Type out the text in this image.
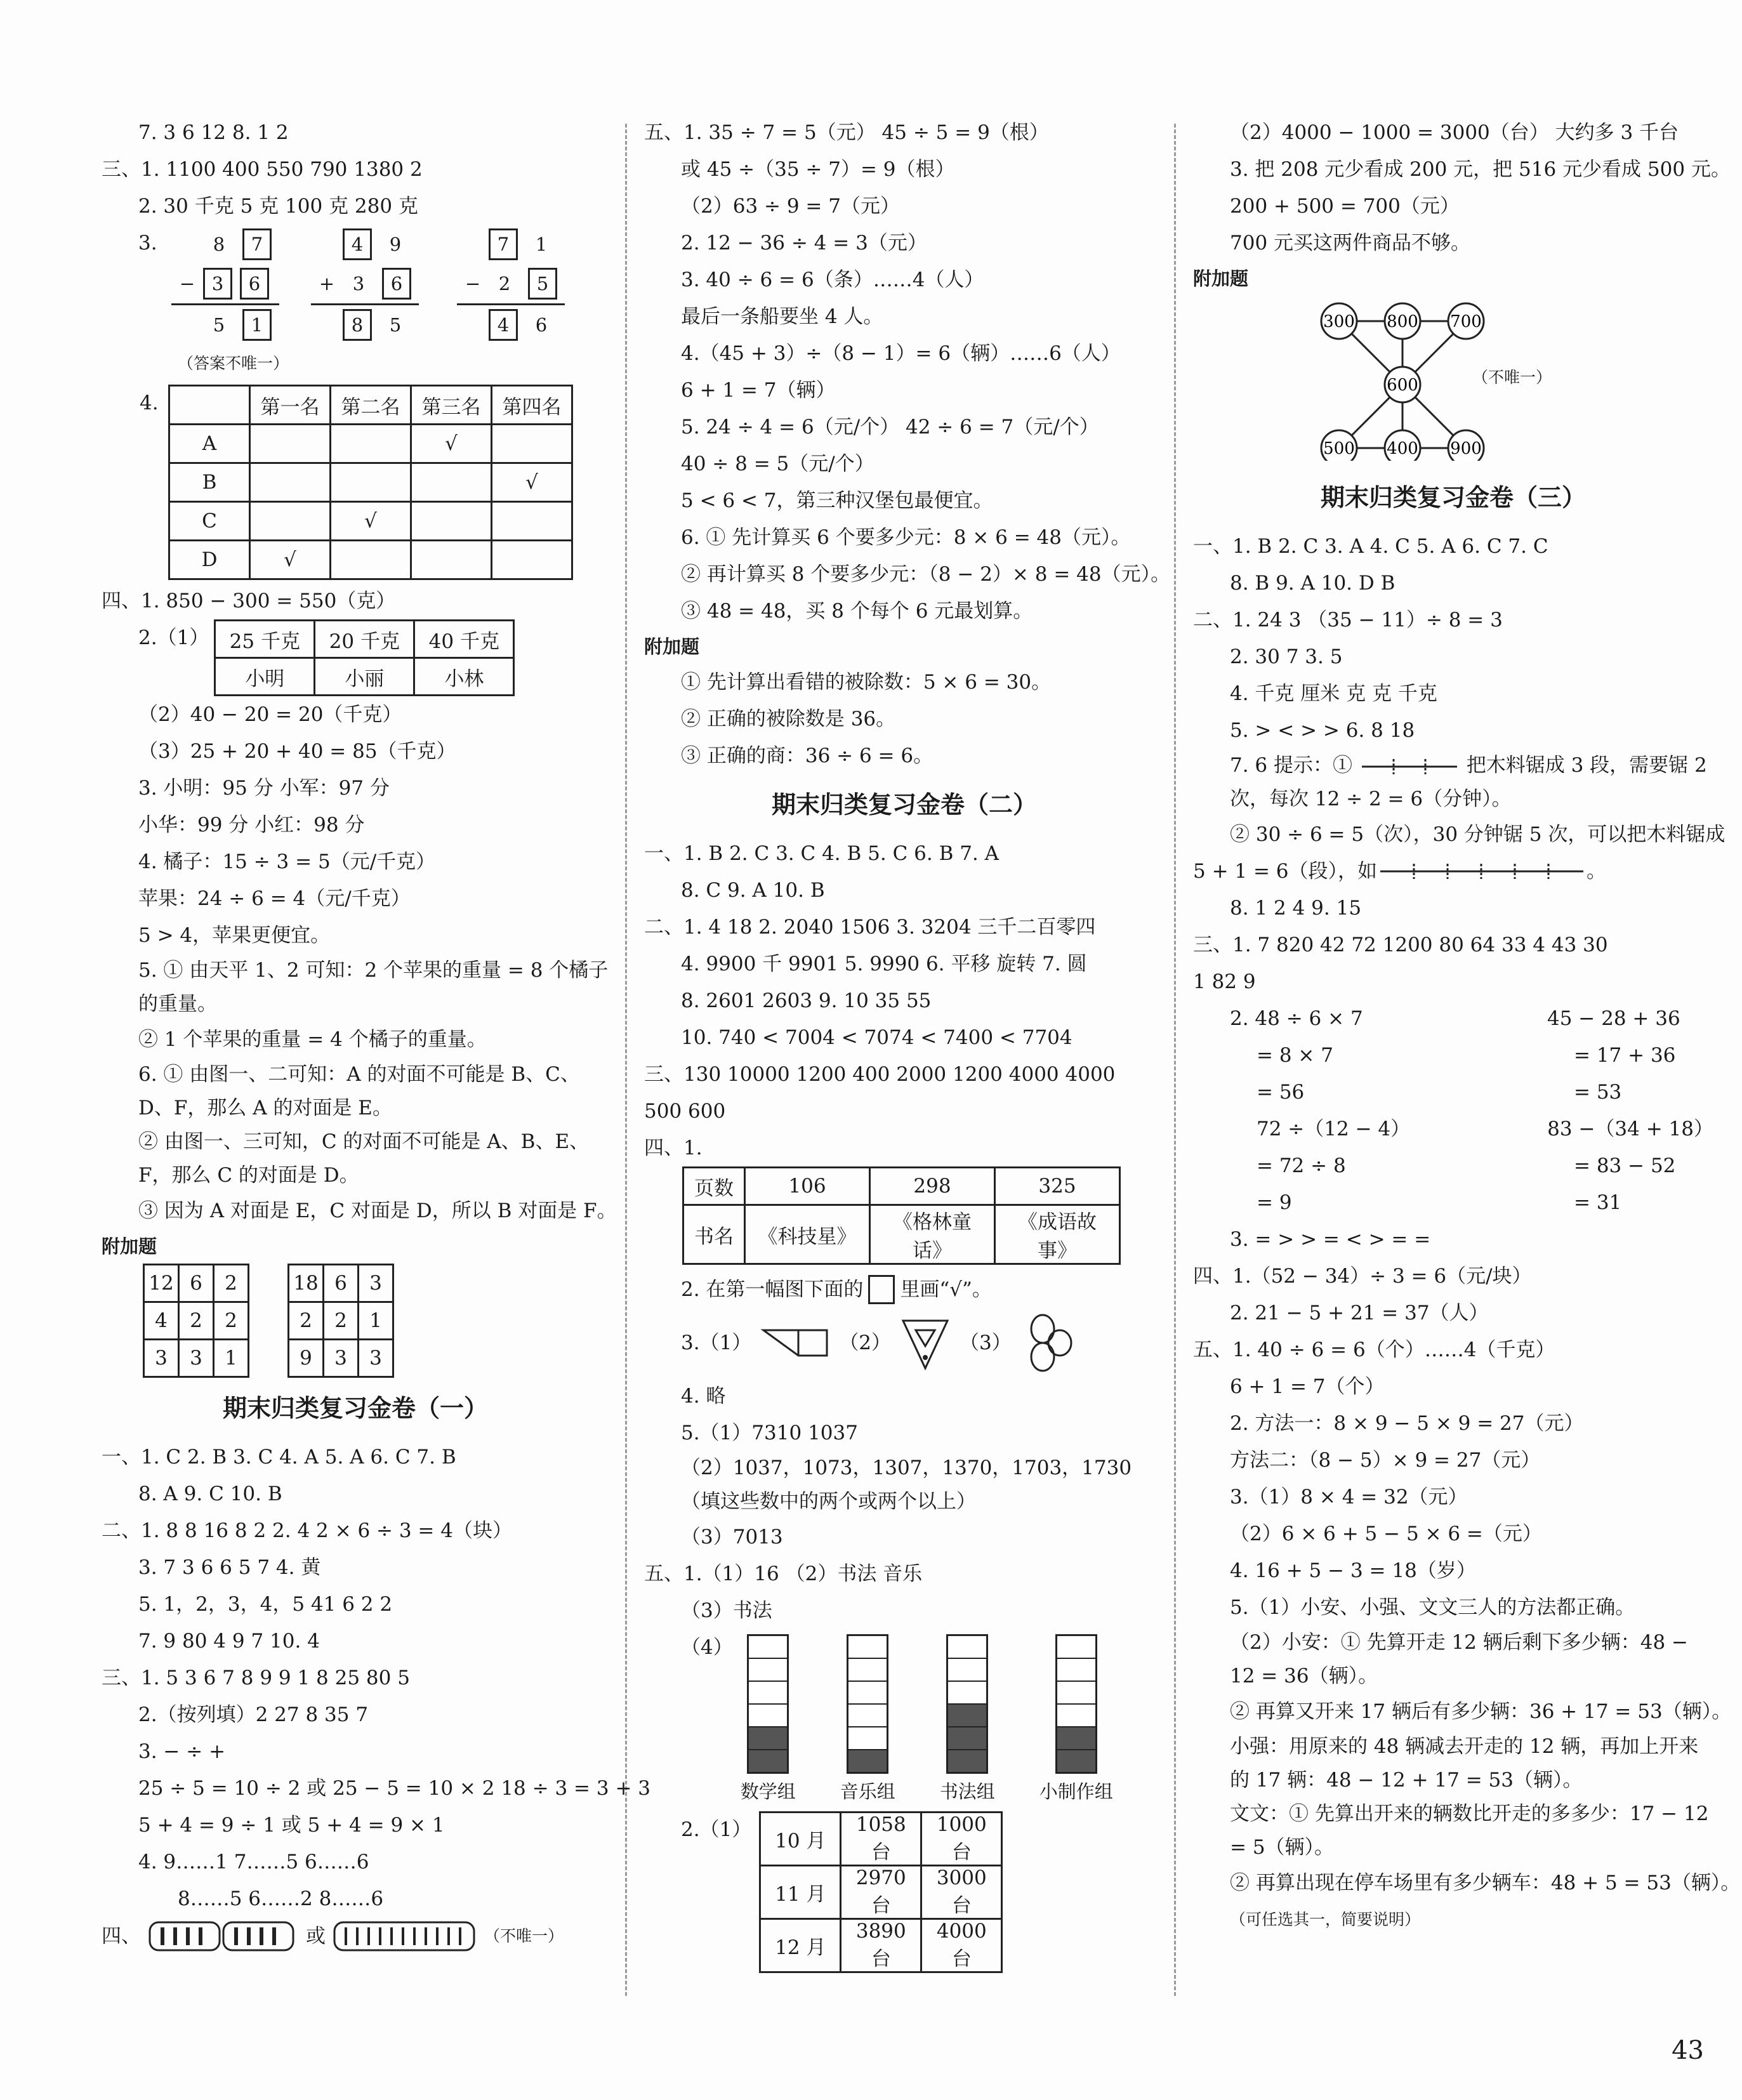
7. 3 6 12 8. 1 2
三、1. 1100 400 550 790 1380 2
2. 30 千克 5 克 100 克 280 克
3.	8	7
− 3	6
5	1
4	9
+ 3	6
8	5
7	1
− 2	5
4	6
（答案不唯一）
4.
		第一名	第二名	第三名	第四名
A			√	
B				√
C		√		
D	√			
四、1. 850 − 300 = 550（克）
2.（1） 25 千克	20 千克	40 千克
小明	小丽	小林
（2）40 − 20 = 20（千克）
（3）25 + 20 + 40 = 85（千克）
3. 小明：95 分 小军：97 分
小华：99 分 小红：98 分
4. 橘子：15 ÷ 3 = 5（元/千克）
苹果：24 ÷ 6 = 4（元/千克）
5 > 4，苹果更便宜。
5. ① 由天平 1、2 可知：2 个苹果的重量 = 8 个橘子的重量。
② 1 个苹果的重量 = 4 个橘子的重量。
6. ① 由图一、二可知：A 的对面不可能是 B、C、D、F，那么 A 的对面是 E。
② 由图一、三可知，C 的对面不可能是 A、B、E、F，那么 C 的对面是 D。
③ 因为 A 对面是 E，C 对面是 D，所以 B 对面是 F。
附加题
12	6	2
4	2	2
3	3	1
18	6	3
2	2	1
9	3	3
期末归类复习金卷（一）
一、1. C 2. B 3. C 4. A 5. A 6. C 7. B
8. A 9. C 10. B
二、1. 8 8 16 8 2 2. 4 2 × 6 ÷ 3 = 4（块）
3. 7 3 6 6 5 7 4. 黄
5. 1，2，3，4，5 41 6 2 2
7. 9 80 4 9 7 10. 4
三、1. 5 3 6 7 8 9 9 1 8 25 80 5
2.（按列填）2 27 8 35 7
3. − ÷ +
25 ÷ 5 = 10 ÷ 2 或 25 − 5 = 10 × 2 18 ÷ 3 = 3 + 3
5 + 4 = 9 ÷ 1 或 5 + 4 = 9 × 1
4. 9……1 7……5 6……6
8……5 6……2 8……6
四、	或	（不唯一）
五、1. 35 ÷ 7 = 5（元） 45 ÷ 5 = 9（根）
或 45 ÷（35 ÷ 7）= 9（根）
（2）63 ÷ 9 = 7（元）
2. 12 − 36 ÷ 4 = 3（元）
3. 40 ÷ 6 = 6（条）……4（人）
最后一条船要坐 4 人。
4.（45 + 3）÷（8 − 1）= 6（辆）……6（人）
6 + 1 = 7（辆）
5. 24 ÷ 4 = 6（元/个） 42 ÷ 6 = 7（元/个）
40 ÷ 8 = 5（元/个）
5 < 6 < 7，第三种汉堡包最便宜。
6. ① 先计算买 6 个要多少元：8 × 6 = 48（元）。
② 再计算买 8 个要多少元：（8 − 2）× 8 = 48（元）。
③ 48 = 48，买 8 个每个 6 元最划算。
附加题
① 先计算出看错的被除数：5 × 6 = 30。
② 正确的被除数是 36。
③ 正确的商：36 ÷ 6 = 6。
期末归类复习金卷（二）
一、1. B 2. C 3. C 4. B 5. C 6. B 7. A
8. C 9. A 10. B
二、1. 4 18 2. 2040 1506 3. 3204 三千二百零四
4. 9900 千 9901 5. 9990 6. 平移 旋转 7. 圆
8. 2601 2603 9. 10 35 55
10. 740 < 7004 < 7074 < 7400 < 7704
三、130 10000 1200 400 2000 1200 4000 4000
500 600
四、1.
页数	106	298	325
书名	《科技星》	《格林童话》	《成语故事》
2. 在第一幅图下面的 里画“√”。
3.（1）	（2）	（3）
4. 略
5.（1）7310 1037
（2）1037，1073，1307，1370，1703，1730（填这些数中的两个或两个以上）
（3）7013
五、1.（1）16 （2）书法 音乐
（3）书法
（4）
数学组 音乐组 书法组 小制作组
2.（1） 10 月	1058 台	1000 台
11 月	2970 台	3000 台
12 月	3890 台	4000 台
（2）4000 − 1000 = 3000（台） 大约多 3 千台
3. 把 208 元少看成 200 元，把 516 元少看成 500 元。
200 + 500 = 700（元）
700 元买这两件商品不够。
附加题
300 800 700
600
500 400 900
（不唯一）
期末归类复习金卷（三）
一、1. B 2. C 3. A 4. C 5. A 6. C 7. C
8. B 9. A 10. D B
二、1. 24 3 （35 − 11）÷ 8 = 3
2. 30 7 3. 5
4. 千克 厘米 克 克 千克
5. > < > > 6. 8 18
7. 6 提示：①	把木料锯成 3 段，需要锯 2 次，每次 12 ÷ 2 = 6（分钟）。
② 30 ÷ 6 = 5（次），30 分钟锯 5 次，可以把木料锯成
5 + 1 = 6（段），如	。
8. 1 2 4 9. 15
三、1. 7 820 42 72 1200 80 64 33 4 43 30
1 82 9
2. 48 ÷ 6 × 7	45 − 28 + 36
= 8 × 7	= 17 + 36
= 56	= 53
72 ÷（12 − 4）	83 −（34 + 18）
= 72 ÷ 8	= 83 − 52
= 9	= 31
3. = > > = < > = =
四、1.（52 − 34）÷ 3 = 6（元/块）
2. 21 − 5 + 21 = 37（人）
五、1. 40 ÷ 6 = 6（个）……4（千克）
6 + 1 = 7（个）
2. 方法一：8 × 9 − 5 × 9 = 27（元）
方法二：（8 − 5）× 9 = 27（元）
3.（1）8 × 4 = 32（元）
（2）6 × 6 + 5 − 5 × 6 =（元）
4. 16 + 5 − 3 = 18（岁）
5.（1）小安、小强、文文三人的方法都正确。
（2）小安：① 先算开走 12 辆后剩下多少辆：48 − 12 = 36（辆）。
② 再算又开来 17 辆后有多少辆：36 + 17 = 53（辆）。
小强：用原来的 48 辆减去开走的 12 辆，再加上开来的 17 辆：48 − 12 + 17 = 53（辆）。
文文：① 先算出开来的辆数比开走的多多少：17 − 12 = 5（辆）。
② 再算出现在停车场里有多少辆车：48 + 5 = 53（辆）。
（可任选其一，简要说明）
43
